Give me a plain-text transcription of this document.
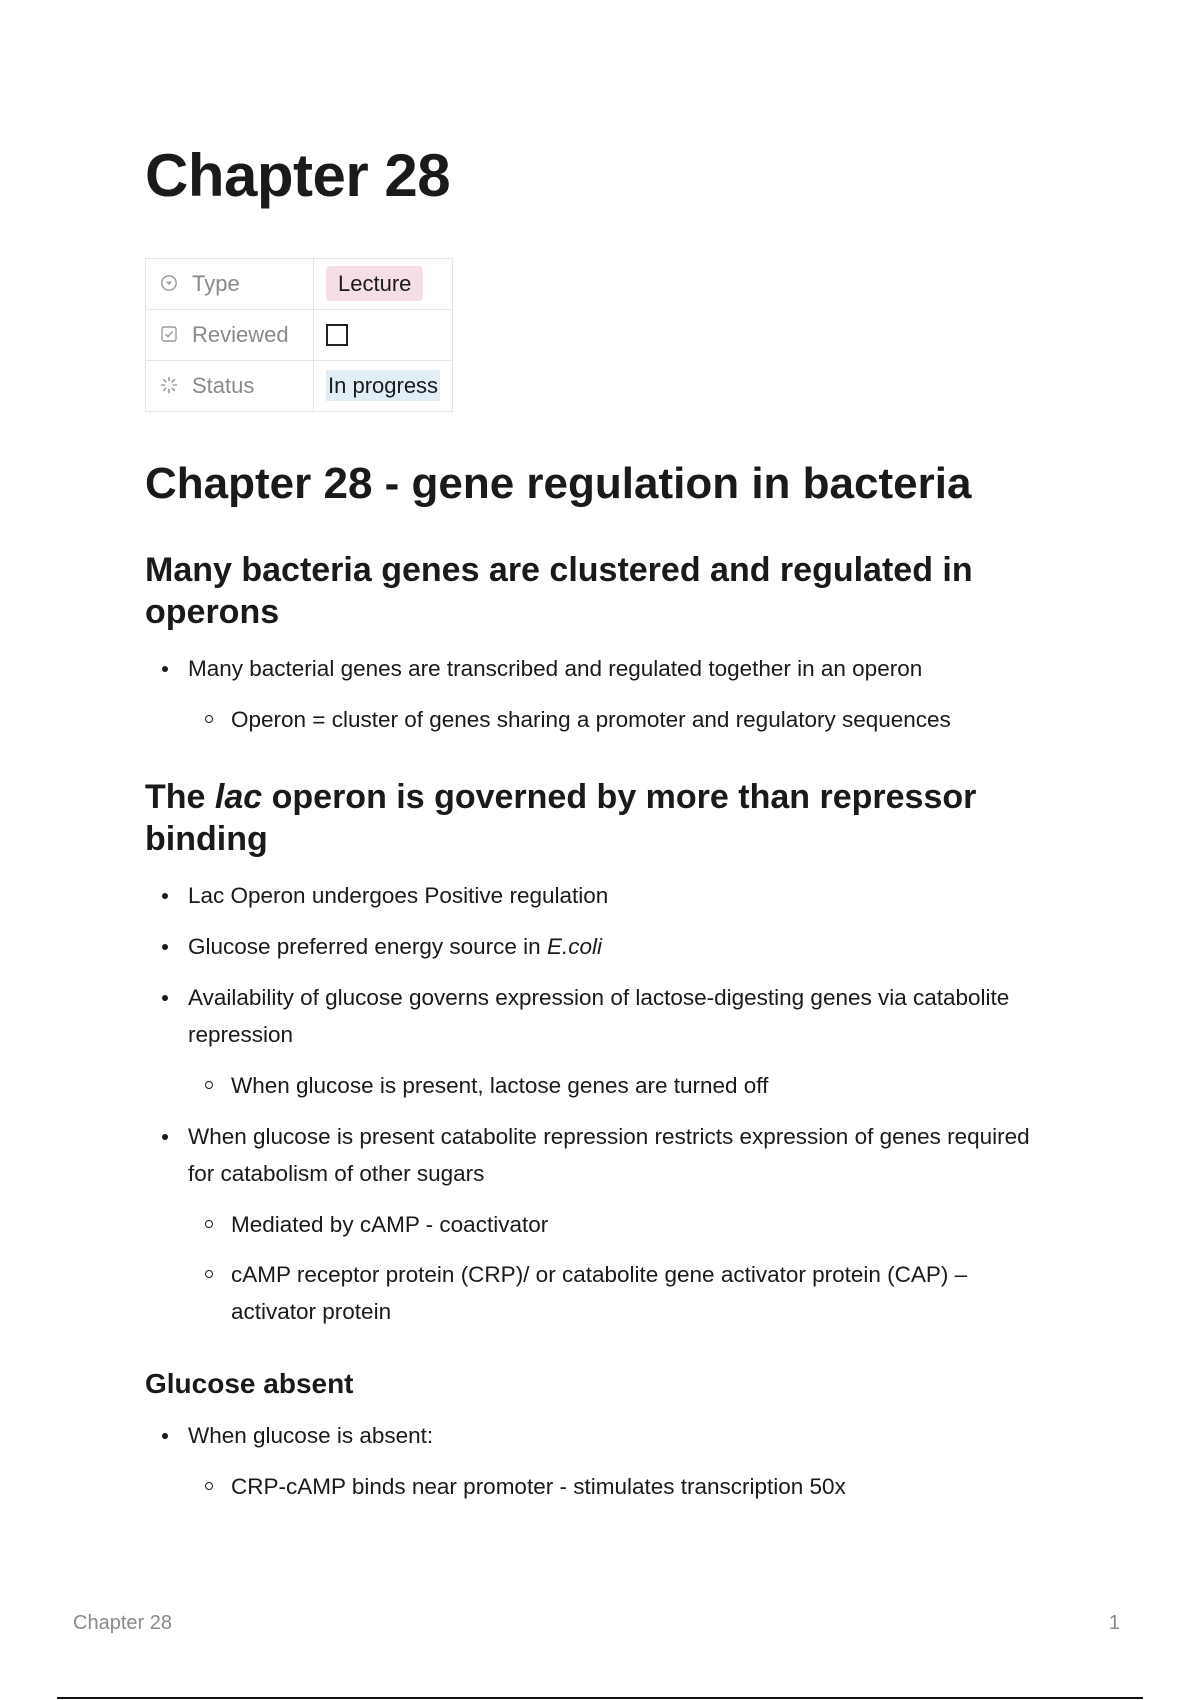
Chapter 28
Type	Lecture
Reviewed	
Status	In progress
Chapter 28 - gene regulation in bacteria
Many bacteria genes are clustered and regulated in operons
Many bacterial genes are transcribed and regulated together in an operon
Operon = cluster of genes sharing a promoter and regulatory sequences
The lac operon is governed by more than repressor binding
Lac Operon undergoes Positive regulation
Glucose preferred energy source in E.coli
Availability of glucose governs expression of lactose-digesting genes via catabolite repression
When glucose is present, lactose genes are turned off
When glucose is present catabolite repression restricts expression of genes required for catabolism of other sugars
Mediated by cAMP - coactivator
cAMP receptor protein (CRP)/ or catabolite gene activator protein (CAP) – activator protein
Glucose absent
When glucose is absent:
CRP-cAMP binds near promoter - stimulates transcription 50x
Chapter 28	1
